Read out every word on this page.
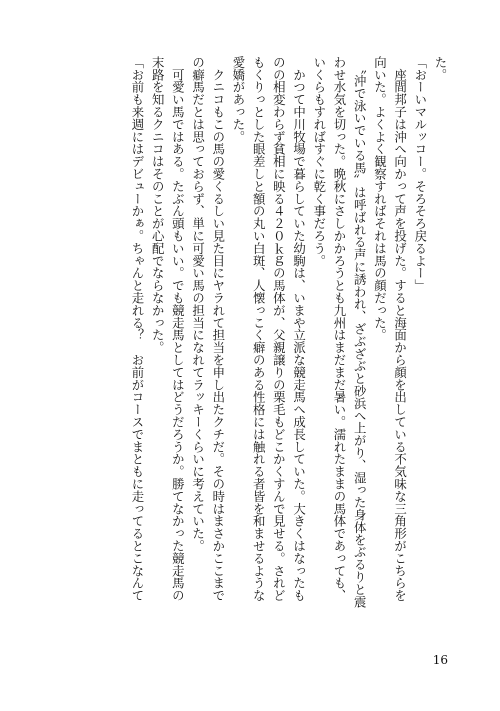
た。
「おーいマルッコー。そろそろ戻るよー」
　座間邦子は沖へ向かって声を投げた。すると海面から顔を出している不気味な三角形がこちらを
向いた。よくよく観察すればそれは馬の顔だった。
　〝沖で泳いでいる馬〟は呼ばれる声に誘われ、ざぶざぶと砂浜へ上がり、湿った身体をぶるりと震
わせ水気を切った。晩秋にさしかかろうとも九州はまだまだ暑い。濡れたままの馬体であっても、
いくらもすればすぐに乾く事だろう。
　かつて中川牧場で暮らしていた幼駒は、いまや立派な競走馬へ成長していた。大きくはなったも
のの相変わらず貧相に映る４２０ｋｇの馬体が、父親譲りの栗毛もどこかくすんで見せる。されど
もくりっとした眼差しと額の丸い白斑、人懐っこく癖のある性格には触れる者皆を和ませるような
愛嬌があった。
　クニコもこの馬の愛くるしい見た目にヤラれて担当を申し出たクチだ。その時はまさかここまで
の癖馬だとは思っておらず、単に可愛い馬の担当になれてラッキーくらいに考えていた。
　可愛い馬ではある。たぶん頭もいい。でも競走馬としてはどうだろうか。勝てなかった競走馬の
末路を知るクニコはそのことが心配でならなかった。
「お前も来週にはデビューかぁ。ちゃんと走れる？　お前がコースでまともに走ってるとこなんて
16
